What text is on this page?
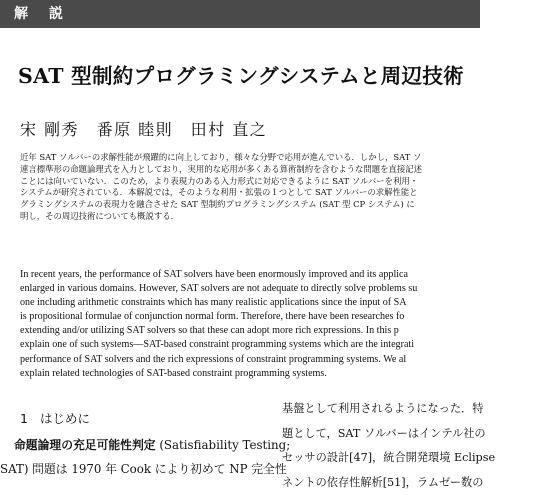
解 説
SAT 型制約プログラミングシステムと周辺技術
宋 剛秀　番原 睦則　田村 直之
近年 SAT ソルバーの求解性能が飛躍的に向上しており，様々な分野で応用が進んでいる．しかし，SAT ソ
連言標準形の命題論理式を入力としており，実用的な応用が多くある算術制約を含むような問題を直接記述
ことには向いていない．このため，より表現力のある入力形式に対応できるように SAT ソルバーを利用・
システムが研究されている．本解説では，そのような利用・拡張の１つとして SAT ソルバーの求解性能と
グラミングシステムの表現力を融合させた SAT 型制約プログラミングシステム (SAT 型 CP システム) に
明し，その周辺技術についても概説する．
In recent years, the performance of SAT solvers have been enormously improved and its applica
enlarged in various domains. However, SAT solvers are not adequate to directly solve problems su
one including arithmetic constraints which has many realistic applications since the input of SA
is propositional formulae of conjunction normal form. Therefore, there have been researches fo
extending and/or utilizing SAT solvers so that these can adopt more rich expressions. In this p
explain one of such systems—SAT-based constraint programming systems which are the integrati
performance of SAT solvers and the rich expressions of constraint programming systems. We al
explain related technologies of SAT-based constraint programming systems.
1 はじめに
命題論理の充足可能性判定 (Satisfiability Testing;
SAT) 問題は 1970 年 Cook により初めて NP 完全性
基盤として利用されるようになった．特
題として，SAT ソルバーはインテル社の
セッサの設計[47]，統合開発環境 Eclipse
ネントの依存性解析[51]，ラムゼー数の
